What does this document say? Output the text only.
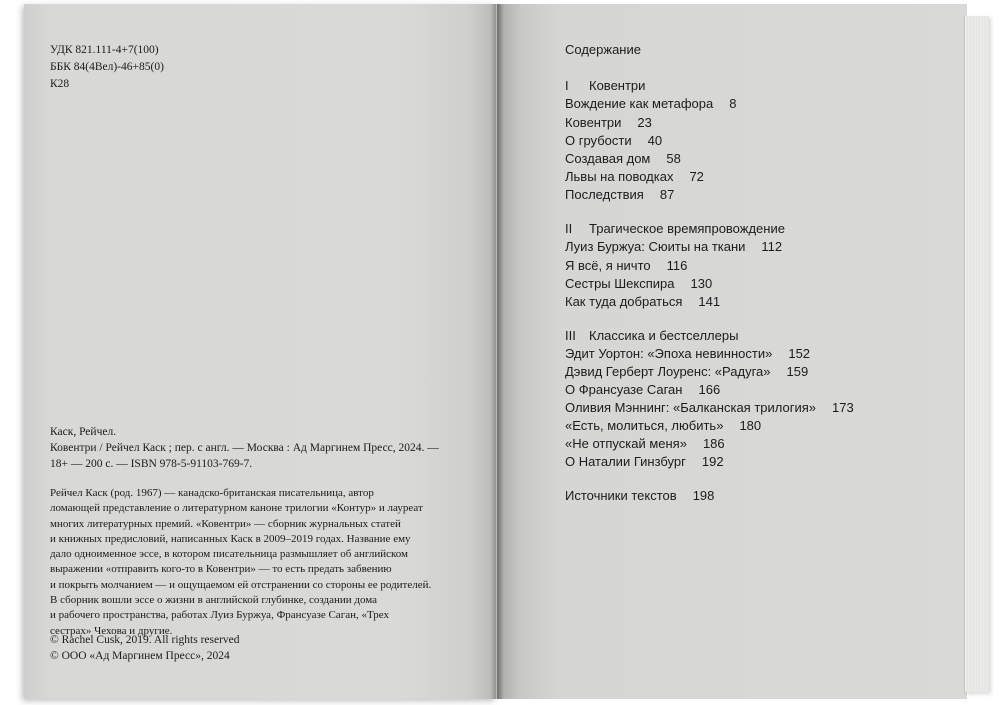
УДК 821.111-4+7(100)
ББК 84(4Вел)-46+85(0)
К28
Каск, Рейчел.
Ковентри / Рейчел Каск ; пер. с англ. — Москва : Ад Маргинем Пресс, 2024. —
18+ — 200 с. — ISBN 978-5-91103-769-7.
Рейчел Каск (род. 1967) — канадско-британская писательница, автор
ломающей представление о литературном каноне трилогии «Контур» и лауреат
многих литературных премий. «Ковентри» — сборник журнальных статей
и книжных предисловий, написанных Каск в 2009–2019 годах. Название ему
дало одноименное эссе, в котором писательница размышляет об английском
выражении «отправить кого-то в Ковентри» — то есть предать забвению
и покрыть молчанием — и ощущаемом ей отстранении со стороны ее родителей.
В сборник вошли эссе о жизни в английской глубинке, создании дома
и рабочего пространства, работах Луиз Буржуа, Франсуазе Саган, «Трех
сестрах» Чехова и другие.
© Rachel Cusk, 2019. All rights reserved
© ООО «Ад Маргинем Пресс», 2024
Содержание
I Ковентри
Вождение как метафора 8
Ковентри 23
О грубости 40
Создавая дом 58
Львы на поводках 72
Последствия 87
II Трагическое времяпровождение
Луиз Буржуа: Сюиты на ткани 112
Я всё, я ничто 116
Сестры Шекспира 130
Как туда добраться 141
III Классика и бестселлеры
Эдит Уортон: «Эпоха невинности» 152
Дэвид Герберт Лоуренс: «Радуга» 159
О Франсуазе Саган 166
Оливия Мэннинг: «Балканская трилогия» 173
«Есть, молиться, любить» 180
«Не отпускай меня» 186
О Наталии Гинзбург 192
Источники текстов 198
